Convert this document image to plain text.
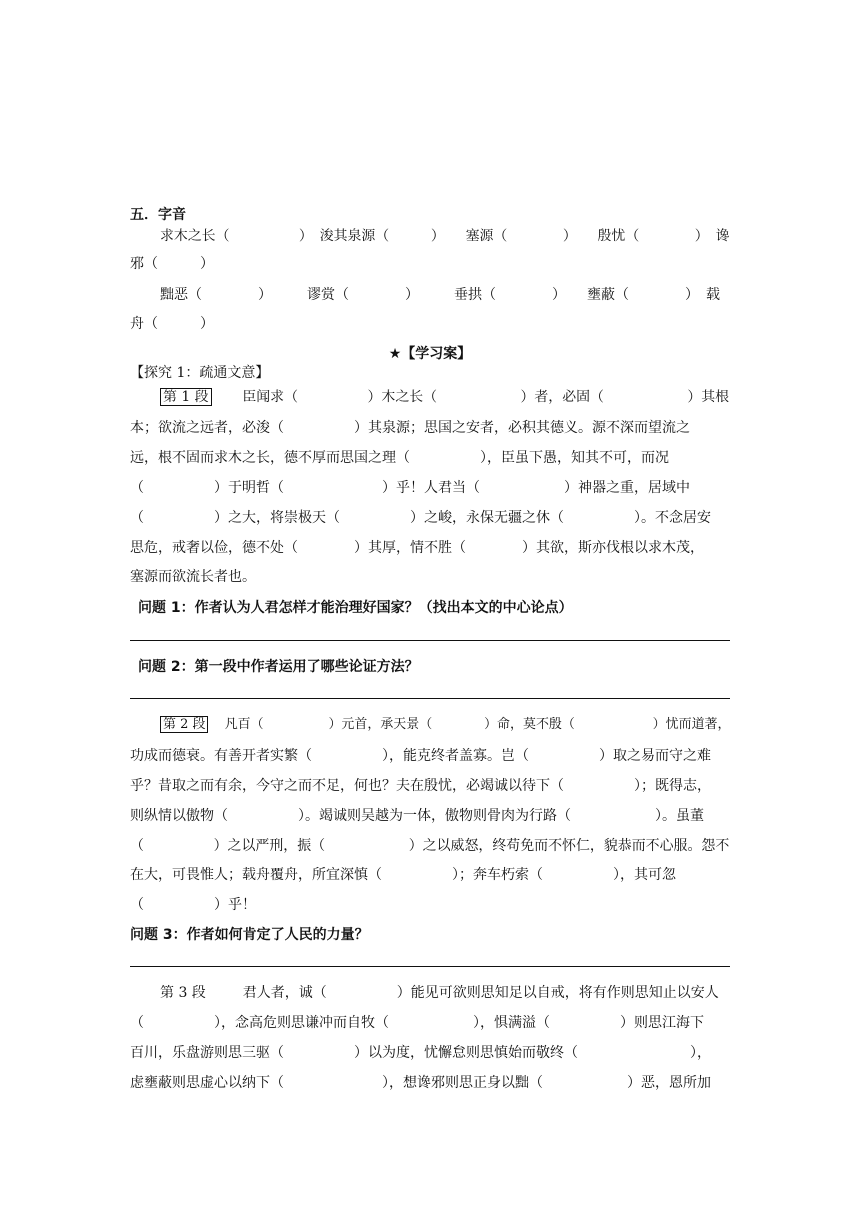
五．字音
求木之长（　　　　　）　浚其泉源（　　　）　　塞源（　　　　）　　殷忧（　　　　）　谗
邪（　　　）
黜恶（　　　　）　　　谬赏（　　　　）　　　垂拱（　　　　）　　壅蔽（　　　　）　载
舟（　　　）
★【学习案】
【探究 1：疏通文意】
第 1 段 臣闻求（　　　　　）木之长（　　　　　　）者，必固（　　　　　　）其根
本；欲流之远者，必浚（　　　　　）其泉源；思国之安者，必积其德义。源不深而望流之
远，根不固而求木之长，德不厚而思国之理（　　　　　），臣虽下愚，知其不可，而况
（　　　　　）于明哲（　　　　　　　）乎！人君当（　　　　　　）神器之重，居域中
（　　　　　）之大，将崇极天（　　　　　）之峻，永保无疆之休（　　　　　）。不念居安
思危，戒奢以俭，德不处（　　　　）其厚，情不胜（　　　　）其欲，斯亦伐根以求木茂，
塞源而欲流长者也。
问题 1：作者认为人君怎样才能治理好国家？（找出本文的中心论点）
问题 2：第一段中作者运用了哪些论证方法？
第 2 段 凡百（　　　　　）元首，承天景（　　　　）命，莫不殷（　　　　　　）忧而道著，
功成而德衰。有善开者实繁（　　　　　），能克终者盖寡。岂（　　　　　）取之易而守之难
乎？昔取之而有余，今守之而不足，何也？夫在殷忧，必竭诚以待下（　　　　　）；既得志，
则纵情以傲物（　　　　　）。竭诚则吴越为一体，傲物则骨肉为行路（　　　　　　）。虽董
（　　　　　）之以严刑，振（　　　　　　）之以威怒，终苟免而不怀仁，貌恭而不心服。怨不
在大，可畏惟人；载舟覆舟，所宜深慎（　　　　　）；奔车朽索（　　　　　），其可忽
（　　　　　）乎！
问题 3：作者如何肯定了人民的力量？
第 3 段	君人者，诚（　　　　　）能见可欲则思知足以自戒，将有作则思知止以安人
（　　　　　），念高危则思谦冲而自牧（　　　　　　），惧满溢（　　　　　）则思江海下
百川，乐盘游则思三驱（　　　　　）以为度，忧懈怠则思慎始而敬终（　　　　　　　　），
虑壅蔽则思虚心以纳下（　　　　　　　），想谗邪则思正身以黜（　　　　　　）恶，恩所加
